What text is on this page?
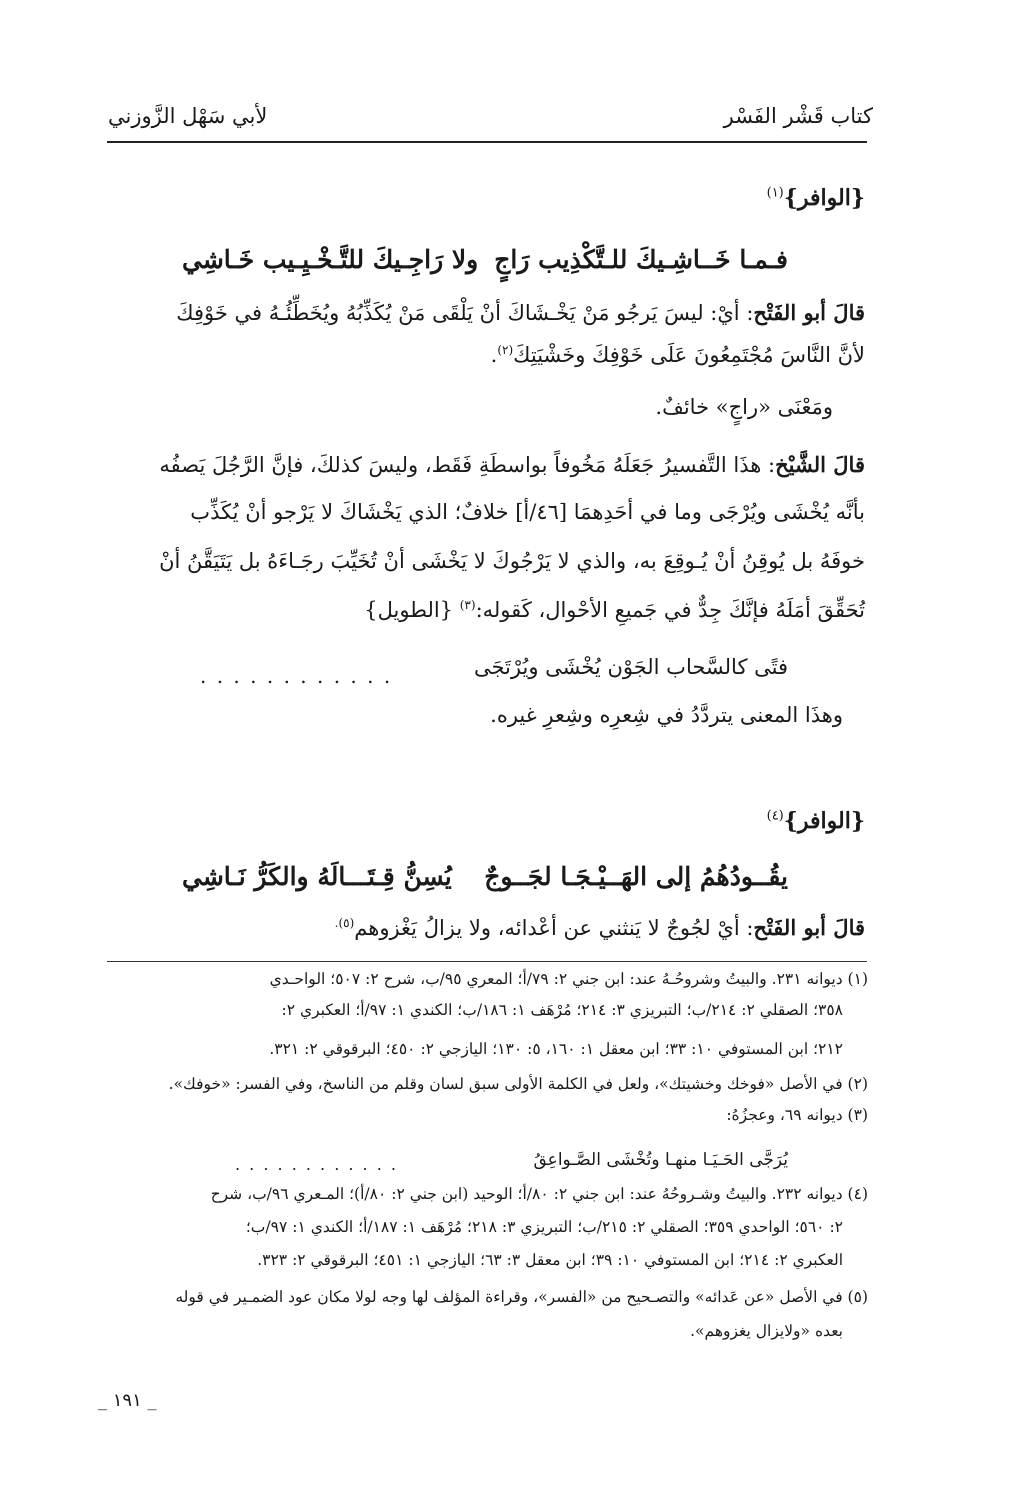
كتاب قَشْر الفَسْر
لأبي سَهْل الزَّوزني
{الوافر}$^{(١)}$
فـمـا خَــاشِـيكَ للـتَّكْذِيب رَاجٍ
ولا رَاجِـيكَ للتَّـخْـيِـيب خَـاشِي
قالَ أبو الفَتْح: أيْ: ليسَ يَرجُو مَنْ يَخْـشَاكَ أنْ يَلْقَى مَنْ يُكَذِّبُهُ ويُخَطِّئُـهُ في خَوْفِكَ
لأنَّ النَّاسَ مُجْتَمِعُونَ عَلَى خَوْفِكَ وخَشْيَتِكَ$^{(٢)}$.
ومَعْنَى «راجٍ» خائفٌ.
قالَ الشَّيْخ: هذَا التَّفسيرُ جَعَلَهُ مَخُوفاً بواسطَةِ فَقَط، وليسَ كذلكَ، فإنَّ الرَّجُلَ يَصفُه
بأنَّه يُخْشَى ويُرْجَى وما في أحَدِهمَا [٤٦/أ] خلافٌ؛ الذي يَخْشَاكَ لا يَرْجو أنْ يُكَذِّب
خوفَهُ بل يُوقِنُ أنْ يُـوقِعَ به، والذي لا يَرْجُوكَ لا يَخْشَى أنْ تُخَيِّبَ رجَـاءَهُ بل يَتَيَقَّنُ أنْ
تُحَقِّقَ أمَلَهُ فإنَّكَ جِدٌّ في جَميعِ الأحْوال، كَقوله:$^{(٣)}$ {الطويل}
فتًى كالسَّحاب الجَوْن يُخْشَى ويُرْتَجَى
. . . . . . . . . . . .
وهذَا المعنى يتردَّدُ في شِعرِه وشِعرِ غيره.
{الوافر}$^{(٤)}$
يقُــودُهُمُ إلى الهَــيْـجَـا لجَــوجٌ
يُسِنُّ قِـتَـــالَهُ والكَرُّ نَـاشِي
قالَ أبو الفَتْح: أيْ لجُوجٌ لا يَنثني عن أعْدائه، ولا يزالُ يَغْزوهم$^{(٥).}$
(١) ديوانه ٢٣١. والبيتُ وشروحُـهُ عند: ابن جني ٢: ٧٩/أ؛ المعري ٩٥/ب، شرح ٢: ٥٠٧؛ الواحـدي
٣٥٨؛ الصقلي ٢: ٢١٤/ب؛ التبريزي ٣: ٢١٤؛ مُرْهَف ١: ١٨٦/ب؛ الكندي ١: ٩٧/أ؛ العكبري ٢:
٢١٢؛ ابن المستوفي ١٠: ٣٣؛ ابن معقل ١: ١٦٠، ٥: ١٣٠؛ اليازجي ٢: ٤٥٠؛ البرقوقي ٢: ٣٢١.
(٢) في الأصل «فوخك وخشيتك»، ولعل في الكلمة الأولى سبق لسان وقلم من الناسخ، وفي الفسر: «خوفك».
(٣) ديوانه ٦٩، وعجزُهُ:
يُرَجَّى الحَـيَـا منهـا وتُخْشَى الصَّـواعِقُ
. . . . . . . . . . . .
(٤) ديوانه ٢٣٢. والبيتُ وشـروحُهُ عند: ابن جني ٢: ٨٠/أ؛ الوحيد (ابن جني ٢: ٨٠/أ)؛ المـعري ٩٦/ب، شرح
٢: ٥٦٠؛ الواحدي ٣٥٩؛ الصقلي ٢: ٢١٥/ب؛ التبريزي ٣: ٢١٨؛ مُرْهَف ١: ١٨٧/أ؛ الكندي ١: ٩٧/ب؛
العكبري ٢: ٢١٤؛ ابن المستوفي ١٠: ٣٩؛ ابن معقل ٣: ٦٣؛ اليازجي ١: ٤٥١؛ البرقوقي ٢: ٣٢٣.
(٥) في الأصل «عن عَدائه» والتصـحيح من «الفسر»، وقراءة المؤلف لها وجه لولا مكان عود الضمـير في قوله
بعده «ولايزال يغزوهم».
_ ١٩١ _
